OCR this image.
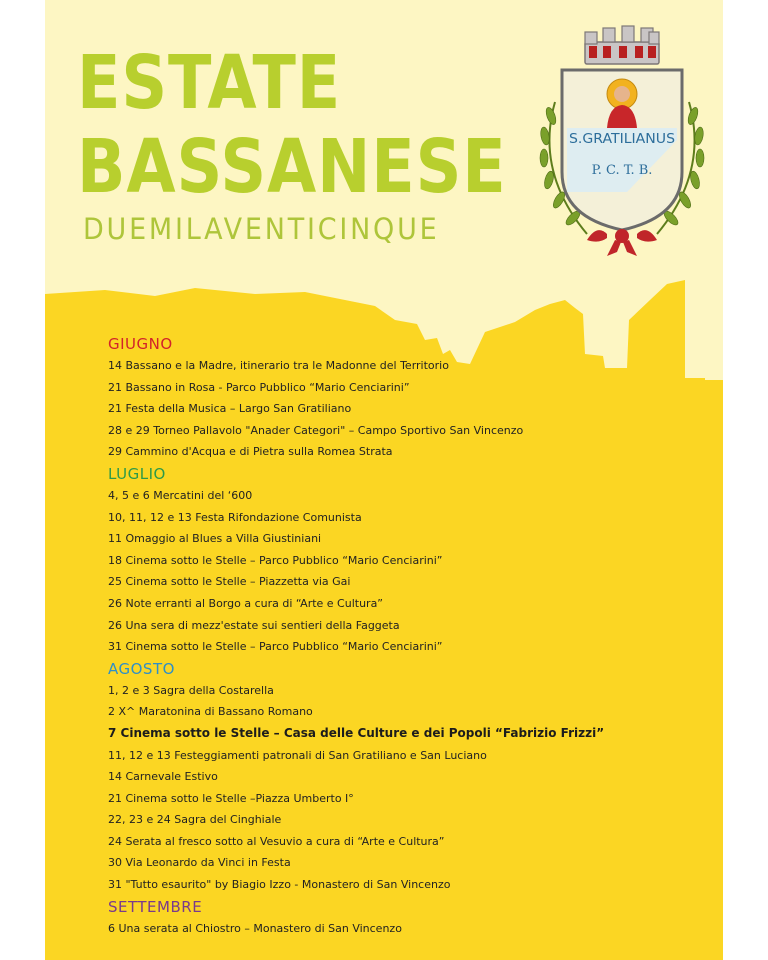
ESTATE
BASSANESE
DUEMILAVENTICINQUE
S.GRATILIANUS
P. C. T. B.
GIUGNO
14 Bassano e la Madre, itinerario tra le Madonne del Territorio
21 Bassano in Rosa - Parco Pubblico “Mario Cenciarini”
21 Festa della Musica – Largo San Gratiliano
28 e 29 Torneo Pallavolo "Anader Categori" – Campo Sportivo San Vincenzo
29 Cammino d'Acqua e di Pietra sulla Romea Strata
LUGLIO
4, 5 e 6 Mercatini del ‘600
10, 11, 12 e 13 Festa Rifondazione Comunista
11 Omaggio al Blues a Villa Giustiniani
18 Cinema sotto le Stelle – Parco Pubblico “Mario Cenciarini”
25 Cinema sotto le Stelle – Piazzetta via Gai
26 Note erranti al Borgo a cura di “Arte e Cultura”
26 Una sera di mezz'estate sui sentieri della Faggeta
31 Cinema sotto le Stelle – Parco Pubblico “Mario Cenciarini”
AGOSTO
1, 2 e 3 Sagra della Costarella
2 X^ Maratonina di Bassano Romano
7 Cinema sotto le Stelle – Casa delle Culture e dei Popoli “Fabrizio Frizzi”
11, 12 e 13 Festeggiamenti patronali di San Gratiliano e San Luciano
14 Carnevale Estivo
21 Cinema sotto le Stelle –Piazza Umberto I°
22, 23 e 24 Sagra del Cinghiale
24 Serata al fresco sotto al Vesuvio a cura di “Arte e Cultura”
30 Via Leonardo da Vinci in Festa
31 "Tutto esaurito" by Biagio Izzo - Monastero di San Vincenzo
SETTEMBRE
6 Una serata al Chiostro – Monastero di San Vincenzo
